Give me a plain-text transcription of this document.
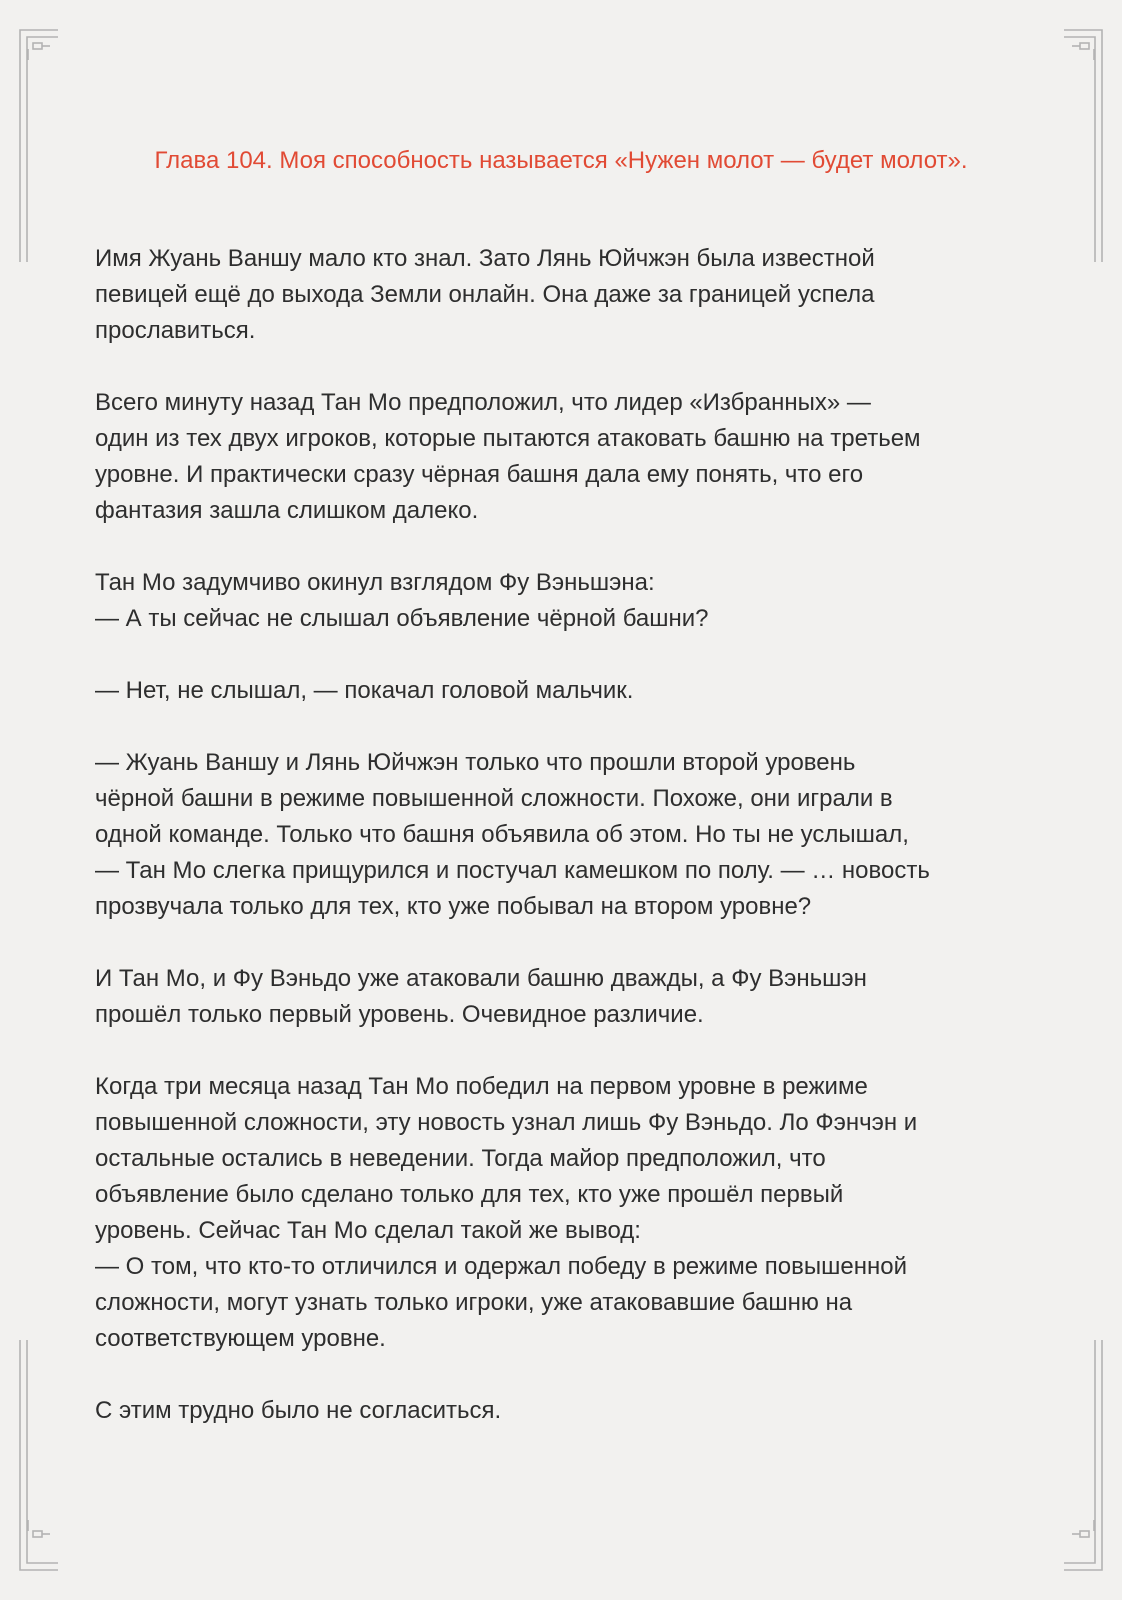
Глава 104. Моя способность называется «Нужен молот — будет молот».

Имя Жуань Ваншу мало кто знал. Зато Лянь Юйчжэн была известной
певицей ещё до выхода Земли онлайн. Она даже за границей успела
прославиться.

Всего минуту назад Тан Мо предположил, что лидер «Избранных» —
один из тех двух игроков, которые пытаются атаковать башню на третьем
уровне. И практически сразу чёрная башня дала ему понять, что его
фантазия зашла слишком далеко.

Тан Мо задумчиво окинул взглядом Фу Вэньшэна:
— А ты сейчас не слышал объявление чёрной башни?

— Нет, не слышал, — покачал головой мальчик.

— Жуань Ваншу и Лянь Юйчжэн только что прошли второй уровень
чёрной башни в режиме повышенной сложности. Похоже, они играли в
одной команде. Только что башня объявила об этом. Но ты не услышал,
— Тан Мо слегка прищурился и постучал камешком по полу. — … новость
прозвучала только для тех, кто уже побывал на втором уровне?

И Тан Мо, и Фу Вэньдо уже атаковали башню дважды, а Фу Вэньшэн
прошёл только первый уровень. Очевидное различие.

Когда три месяца назад Тан Мо победил на первом уровне в режиме
повышенной сложности, эту новость узнал лишь Фу Вэньдо. Ло Фэнчэн и
остальные остались в неведении. Тогда майор предположил, что
объявление было сделано только для тех, кто уже прошёл первый
уровень. Сейчас Тан Мо сделал такой же вывод:
— О том, что кто-то отличился и одержал победу в режиме повышенной
сложности, могут узнать только игроки, уже атаковавшие башню на
соответствующем уровне.

С этим трудно было не согласиться.
